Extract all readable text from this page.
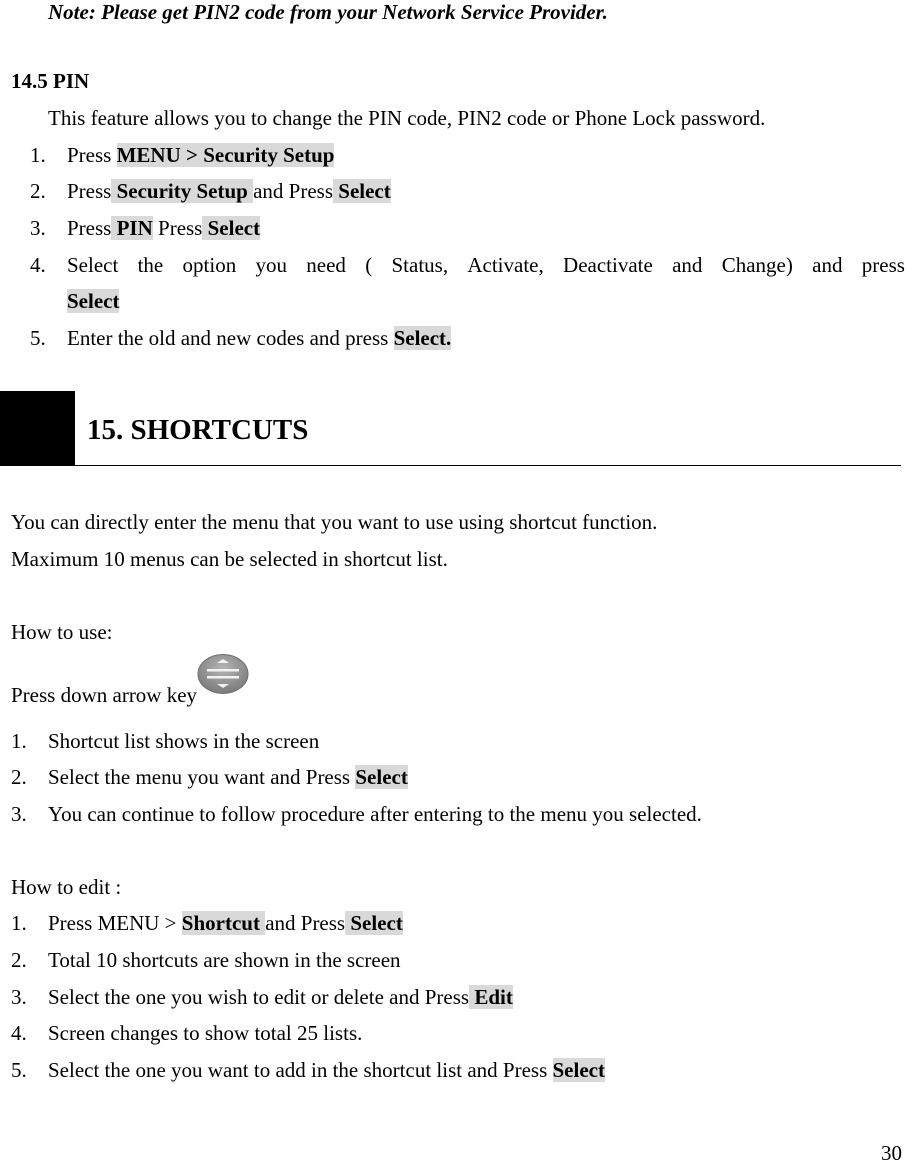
Note: Please get PIN2 code from your Network Service Provider.
14.5 PIN
This feature allows you to change the PIN code, PIN2 code or Phone Lock password.
1. Press MENU > Security Setup
2. Press Security Setup and Press Select
3. Press PIN Press Select
4.	Select the option you need ( Status, Activate, Deactivate and Change) and press
Select
5. Enter the old and new codes and press Select.
15. SHORTCUTS
You can directly enter the menu that you want to use using shortcut function.
Maximum 10 menus can be selected in shortcut list.
How to use:
Press down arrow key
1. Shortcut list shows in the screen
2. Select the menu you want and Press Select
3. You can continue to follow procedure after entering to the menu you selected.
How to edit :
1. Press MENU > Shortcut and Press Select
2. Total 10 shortcuts are shown in the screen
3. Select the one you wish to edit or delete and Press Edit
4. Screen changes to show total 25 lists.
5. Select the one you want to add in the shortcut list and Press Select
30
